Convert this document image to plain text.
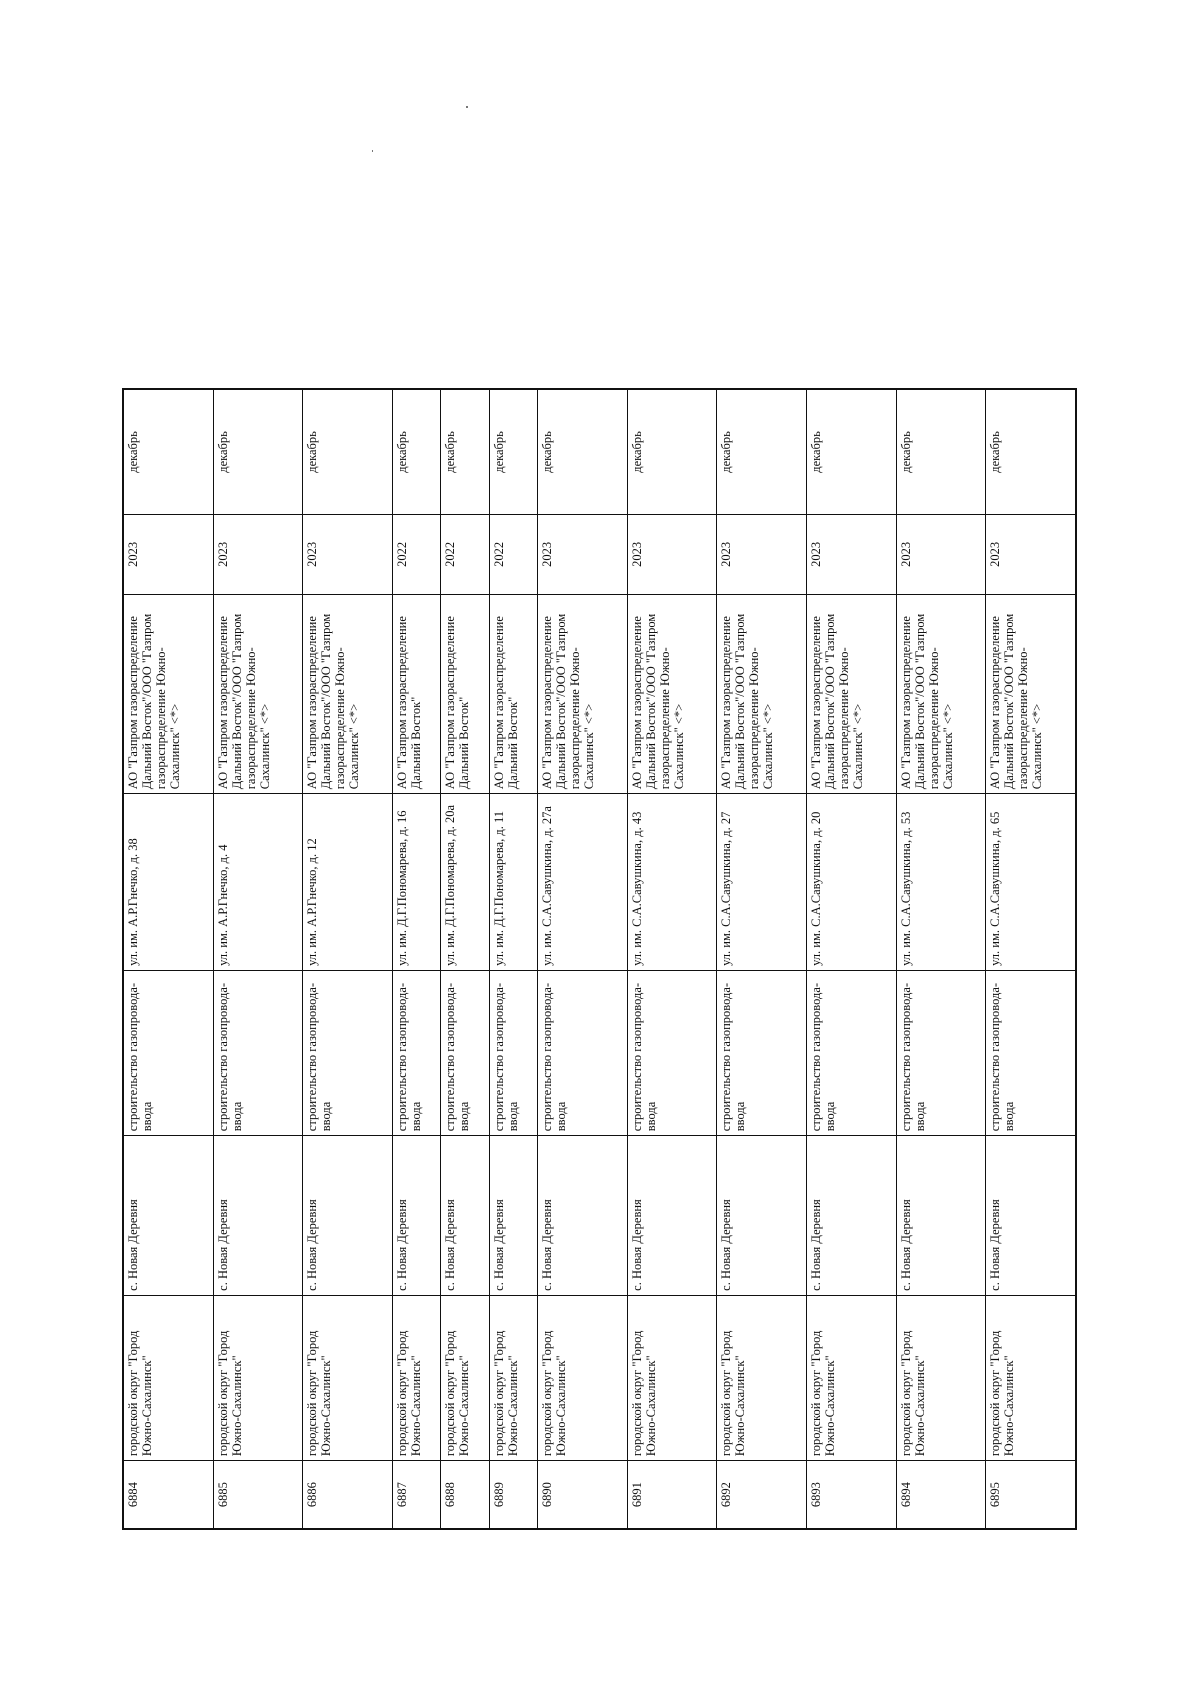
6884	городской округ "Город Южно-Сахалинск"	с. Новая Деревня	строительство газопровода-ввода	ул. им. А.Р.Гнечко, д. 38	АО "Газпром газораспределение Дальний Восток"/ООО "Газпром газораспределение Южно-Сахалинск" <*>	2023	декабрь
6885	городской округ "Город Южно-Сахалинск"	с. Новая Деревня	строительство газопровода-ввода	ул. им. А.Р.Гнечко, д. 4	АО "Газпром газораспределение Дальний Восток"/ООО "Газпром газораспределение Южно-Сахалинск" <*>	2023	декабрь
6886	городской округ "Город Южно-Сахалинск"	с. Новая Деревня	строительство газопровода-ввода	ул. им. А.Р.Гнечко, д. 12	АО "Газпром газораспределение Дальний Восток"/ООО "Газпром газораспределение Южно-Сахалинск" <*>	2023	декабрь
6887	городской округ "Город Южно-Сахалинск"	с. Новая Деревня	строительство газопровода-ввода	ул. им. Д.Г.Пономарева, д. 16	АО "Газпром газораспределение Дальний Восток"	2022	декабрь
6888	городской округ "Город Южно-Сахалинск"	с. Новая Деревня	строительство газопровода-ввода	ул. им. Д.Г.Пономарева, д. 20а	АО "Газпром газораспределение Дальний Восток"	2022	декабрь
6889	городской округ "Город Южно-Сахалинск"	с. Новая Деревня	строительство газопровода-ввода	ул. им. Д.Г.Пономарева, д. 11	АО "Газпром газораспределение Дальний Восток"	2022	декабрь
6890	городской округ "Город Южно-Сахалинск"	с. Новая Деревня	строительство газопровода-ввода	ул. им. С.А.Савушкина, д. 27а	АО "Газпром газораспределение Дальний Восток"/ООО "Газпром газораспределение Южно-Сахалинск" <*>	2023	декабрь
6891	городской округ "Город Южно-Сахалинск"	с. Новая Деревня	строительство газопровода-ввода	ул. им. С.А.Савушкина, д. 43	АО "Газпром газораспределение Дальний Восток"/ООО "Газпром газораспределение Южно-Сахалинск" <*>	2023	декабрь
6892	городской округ "Город Южно-Сахалинск"	с. Новая Деревня	строительство газопровода-ввода	ул. им. С.А.Савушкина, д. 27	АО "Газпром газораспределение Дальний Восток"/ООО "Газпром газораспределение Южно-Сахалинск" <*>	2023	декабрь
6893	городской округ "Город Южно-Сахалинск"	с. Новая Деревня	строительство газопровода-ввода	ул. им. С.А.Савушкина, д. 20	АО "Газпром газораспределение Дальний Восток"/ООО "Газпром газораспределение Южно-Сахалинск" <*>	2023	декабрь
6894	городской округ "Город Южно-Сахалинск"	с. Новая Деревня	строительство газопровода-ввода	ул. им. С.А.Савушкина, д. 53	АО "Газпром газораспределение Дальний Восток"/ООО "Газпром газораспределение Южно-Сахалинск" <*>	2023	декабрь
6895	городской округ "Город Южно-Сахалинск"	с. Новая Деревня	строительство газопровода-ввода	ул. им. С.А.Савушкина, д. 65	АО "Газпром газораспределение Дальний Восток"/ООО "Газпром газораспределение Южно-Сахалинск" <*>	2023	декабрь
